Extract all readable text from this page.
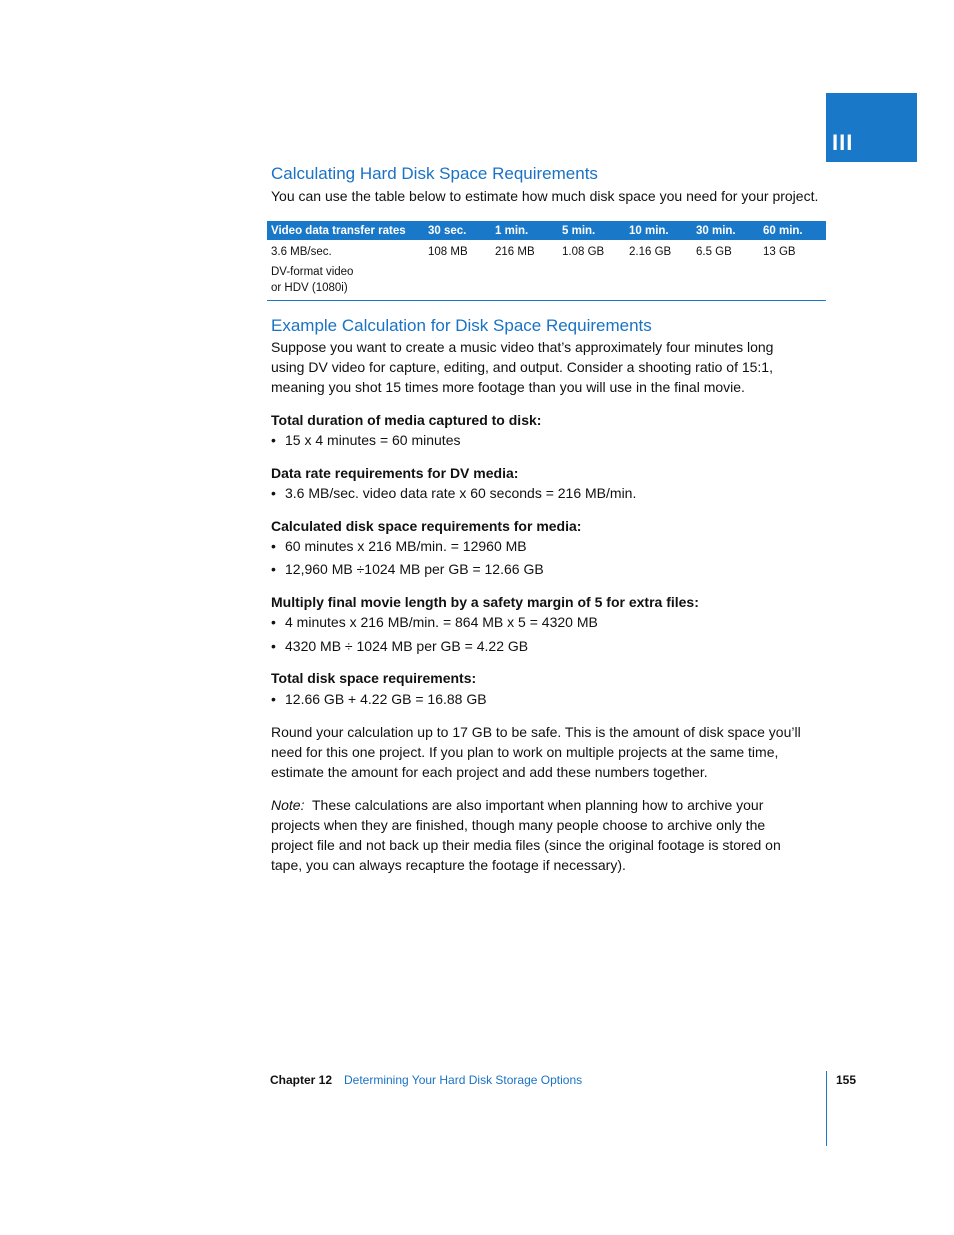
III
Calculating Hard Disk Space Requirements

You can use the table below to estimate how much disk space you need for your project.

Video data transfer rates	30 sec.	1 min.	5 min.	10 min.	30 min.	60 min.

3.6 MB/sec.
DV-format video
or HDV (1080i)	108 MB	216 MB	1.08 GB	2.16 GB	6.5 GB	13 GB
Example Calculation for Disk Space Requirements

Suppose you want to create a music video that’s approximately four minutes long

using DV video for capture, editing, and output. Consider a shooting ratio of 15:1,

meaning you shot 15 times more footage than you will use in the final movie.

Total duration of media captured to disk:

• 15 x 4 minutes = 60 minutes

Data rate requirements for DV media:

• 3.6 MB/sec. video data rate x 60 seconds = 216 MB/min.

Calculated disk space requirements for media:

• 60 minutes x 216 MB/min. = 12960 MB

• 12,960 MB ÷1024 MB per GB = 12.66 GB

Multiply final movie length by a safety margin of 5 for extra files:

• 4 minutes x 216 MB/min. = 864 MB x 5 = 4320 MB

• 4320 MB ÷ 1024 MB per GB = 4.22 GB

Total disk space requirements:

• 12.66 GB + 4.22 GB = 16.88 GB

Round your calculation up to 17 GB to be safe. This is the amount of disk space you’ll

need for this one project. If you plan to work on multiple projects at the same time,

estimate the amount for each project and add these numbers together.

Note: These calculations are also important when planning how to archive your

projects when they are finished, though many people choose to archive only the

project file and not back up their media files (since the original footage is stored on

tape, you can always recapture the footage if necessary).

Chapter 12 Determining Your Hard Disk Storage Options	155
